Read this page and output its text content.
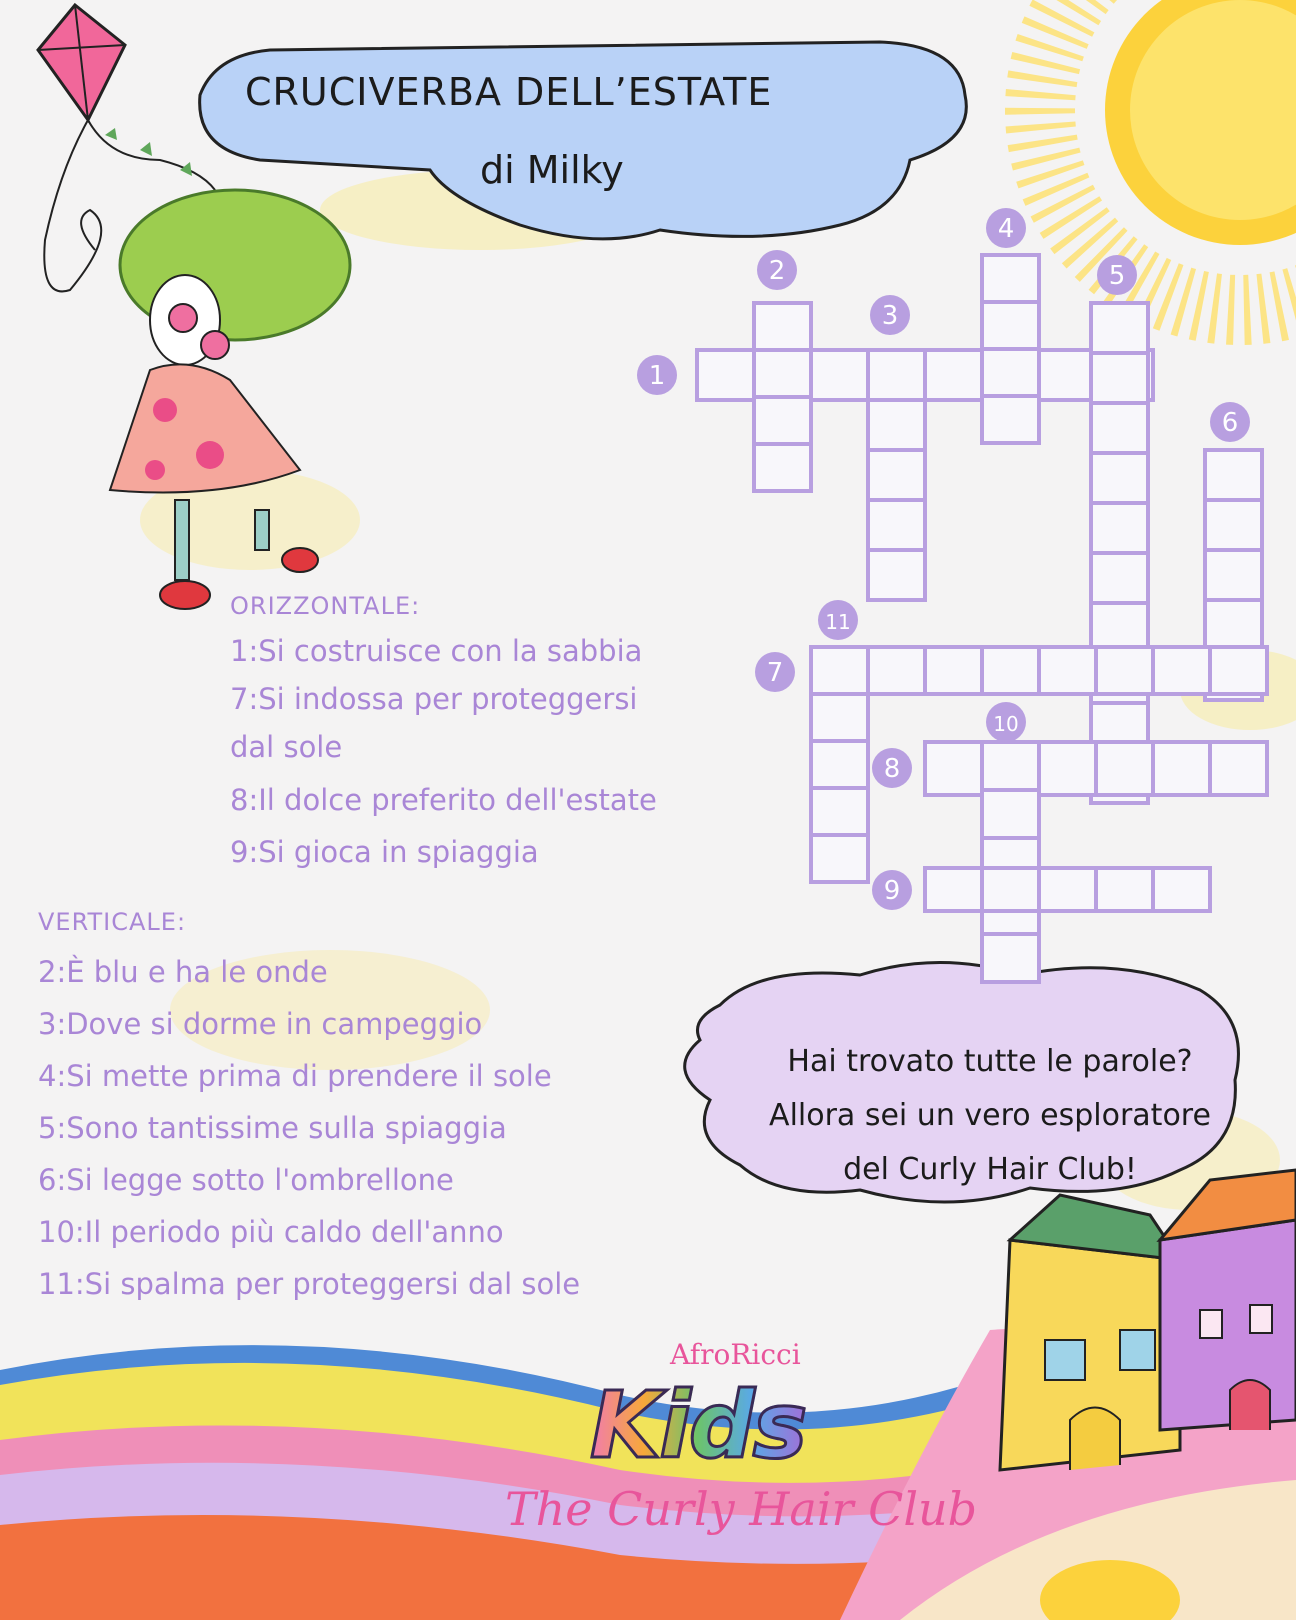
CRUCIVERBA DELL’ESTATE
di Milky
1
2
3
4
5
6
7
8
9
10
11
ORIZZONTALE:
1:Si costruisce con la sabbia
7:Si indossa per proteggersi
dal sole
8:Il dolce preferito dell'estate
9:Si gioca in spiaggia
VERTICALE:
2:È blu e ha le onde
3:Dove si dorme in campeggio
4:Si mette prima di prendere il sole
5:Sono tantissime sulla spiaggia
6:Si legge sotto l'ombrellone
10:Il periodo più caldo dell'anno
11:Si spalma per proteggersi dal sole
Hai trovato tutte le parole?
Allora sei un vero esploratore
del Curly Hair Club!
AfroRicci
Kids
The Curly Hair Club
